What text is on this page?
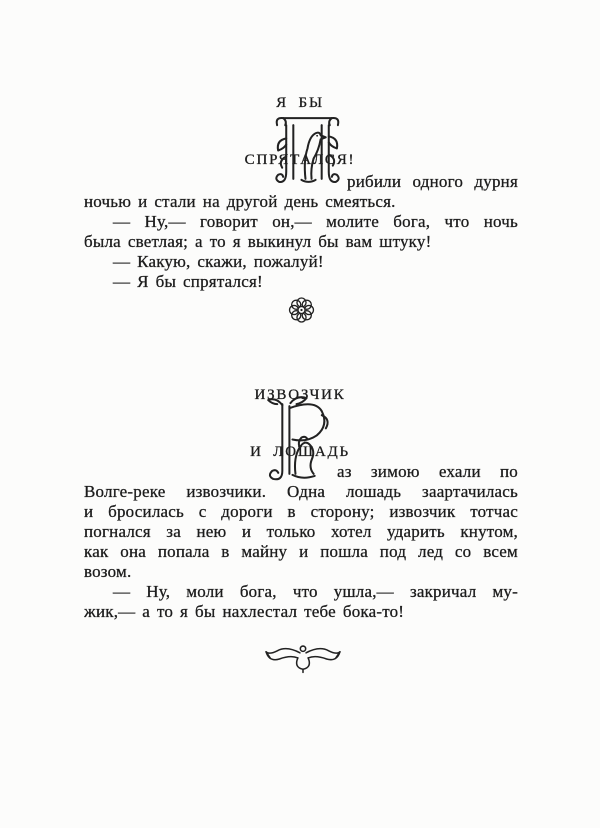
Я БЫ

СПРЯТАЛСЯ!

рибили одного дурня
ночью и стали на другой день смеяться.
— Ну,— говорит он,— молите бога, что ночь
была светлая; а то я выкинул бы вам штуку!
— Какую, скажи, пожалуй!
— Я бы спрятался!

ИЗВОЗЧИК

И ЛОШАДЬ

аз зимою ехали по
Волге-реке извозчики. Одна лошадь заартачилась
и бросилась с дороги в сторону; извозчик тотчас
погнался за нею и только хотел ударить кнутом,
как она попала в майну и пошла под лед со всем
возом.
— Ну, моли бога, что ушла,— закричал му-
жик,— а то я бы нахлестал тебе бока-то!
